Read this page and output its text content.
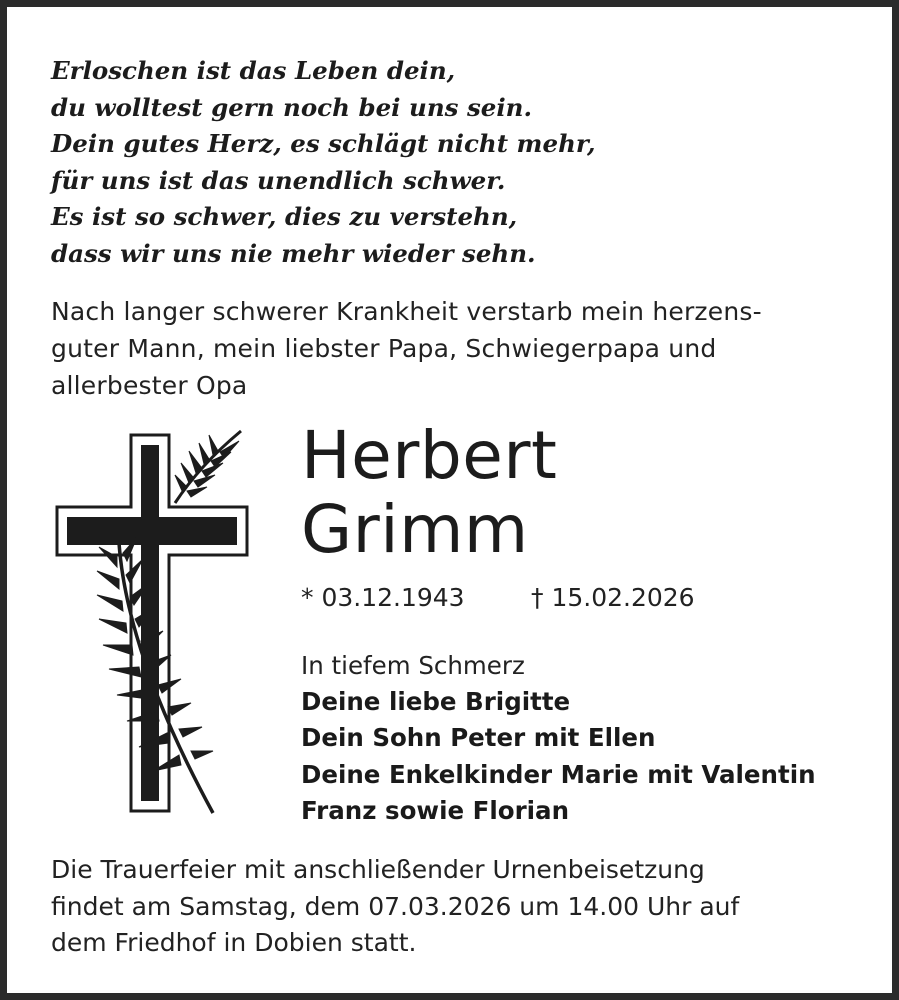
Erloschen ist das Leben dein,
du wolltest gern noch bei uns sein.
Dein gutes Herz, es schlägt nicht mehr,
für uns ist das unendlich schwer.
Es ist so schwer, dies zu verstehn,
dass wir uns nie mehr wieder sehn.
Nach langer schwerer Krankheit verstarb mein herzens-
guter Mann, mein liebster Papa, Schwiegerpapa und
allerbester Opa
Herbert
Grimm
* 03.12.1943	† 15.02.2026
In tiefem Schmerz
Deine liebe Brigitte
Dein Sohn Peter mit Ellen
Deine Enkelkinder Marie mit Valentin
Franz sowie Florian
Die Trauerfeier mit anschließender Urnenbeisetzung
findet am Samstag, dem 07.03.2026 um 14.00 Uhr auf
dem Friedhof in Dobien statt.
